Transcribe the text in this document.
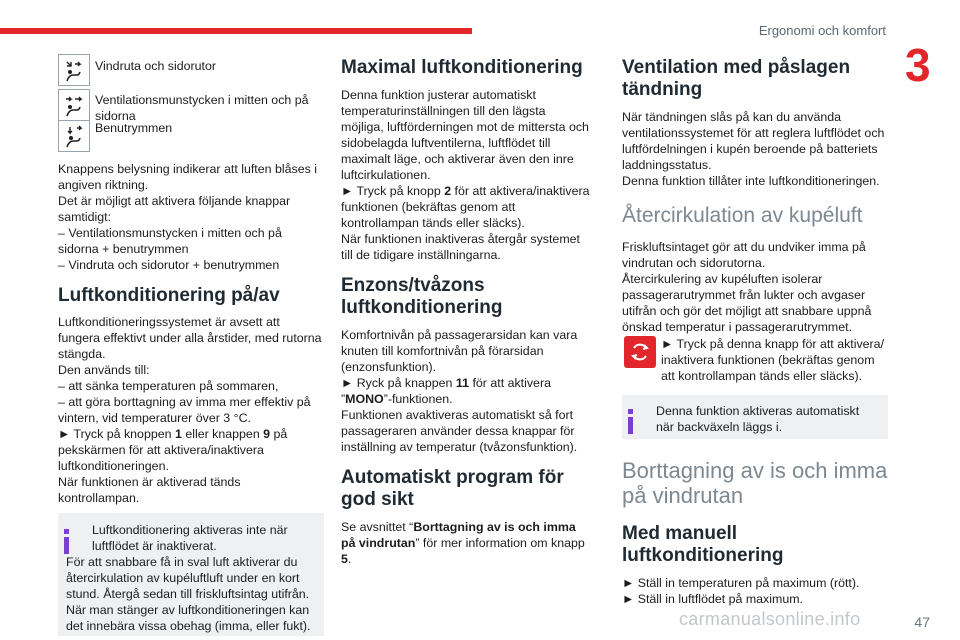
Ergonomi och komfort
3
Vindruta och sidorutor
Ventilationsmunstycken i mitten och på sidorna
Benutrymmen

Knappens belysning indikerar att luften blåses i angiven riktning.

Det är möjligt att aktivera följande knappar samtidigt:

– Ventilationsmunstycken i mitten och på sidorna + benutrymmen

– Vindruta och sidorutor + benutrymmen

Luftkonditionering på/av

Luftkonditioneringssystemet är avsett att fungera effektivt under alla årstider, med rutorna stängda.

Den används till:

– att sänka temperaturen på sommaren,

– att göra borttagning av imma mer effektiv på vintern, vid temperaturer över 3 °C.

► Tryck på knoppen 1 eller knappen 9 på pekskärmen för att aktivera/inaktivera luftkonditioneringen.

När funktionen är aktiverad tänds kontrollampan.

Luftkonditionering aktiveras inte när luftflödet är inaktiverat.

För att snabbare få in sval luft aktiverar du återcirkulation av kupéluftluft under en kort stund. Återgå sedan till friskluftsintag utifrån. När man stänger av luftkonditioneringen kan det innebära vissa obehag (imma, eller fukt).

Maximal luftkonditionering

Denna funktion justerar automatiskt temperaturinställningen till den lägsta möjliga, luftförderningen mot de mittersta och sidobelagda luftventilerna, luftflödet till maximalt läge, och aktiverar även den inre luftcirkulationen.

► Tryck på knopp 2 för att aktivera/inaktivera funktionen (bekräftas genom att kontrollampan tänds eller släcks).

När funktionen inaktiveras återgår systemet till de tidigare inställningarna.

Enzons/tvåzons luftkonditionering

Komfortnivån på passagerarsidan kan vara knuten till komfortnivån på förarsidan (enzonsfunktion).

► Ryck på knappen 11 för att aktivera ”MONO”-funktionen.

Funktionen avaktiveras automatiskt så fort passageraren använder dessa knappar för inställning av temperatur (tvåzonsfunktion).

Automatiskt program för god sikt

Se avsnittet “Borttagning av is och imma på vindrutan” för mer information om knapp 5.

Ventilation med påslagen tändning

När tändningen slås på kan du använda ventilationssystemet för att reglera luftflödet och luftfördelningen i kupén beroende på batteriets laddningsstatus.

Denna funktion tillåter inte luftkonditioneringen.

Återcirkulation av kupéluft

Friskluftsintaget gör att du undviker imma på vindrutan och sidorutorna.

Återcirkulering av kupéluften isolerar passagerarutrymmet från lukter och avgaser utifrån och gör det möjligt att snabbare uppnå önskad temperatur i passagerarutrymmet.

► Tryck på denna knapp för att aktivera/ inaktivera funktionen (bekräftas genom att kontrollampan tänds eller släcks).

Denna funktion aktiveras automatiskt när backväxeln läggs i.

Borttagning av is och imma på vindrutan

Med manuell luftkonditionering

► Ställ in temperaturen på maximum (rött).

► Ställ in luftflödet på maximum.

carmanualsonline.info	47
